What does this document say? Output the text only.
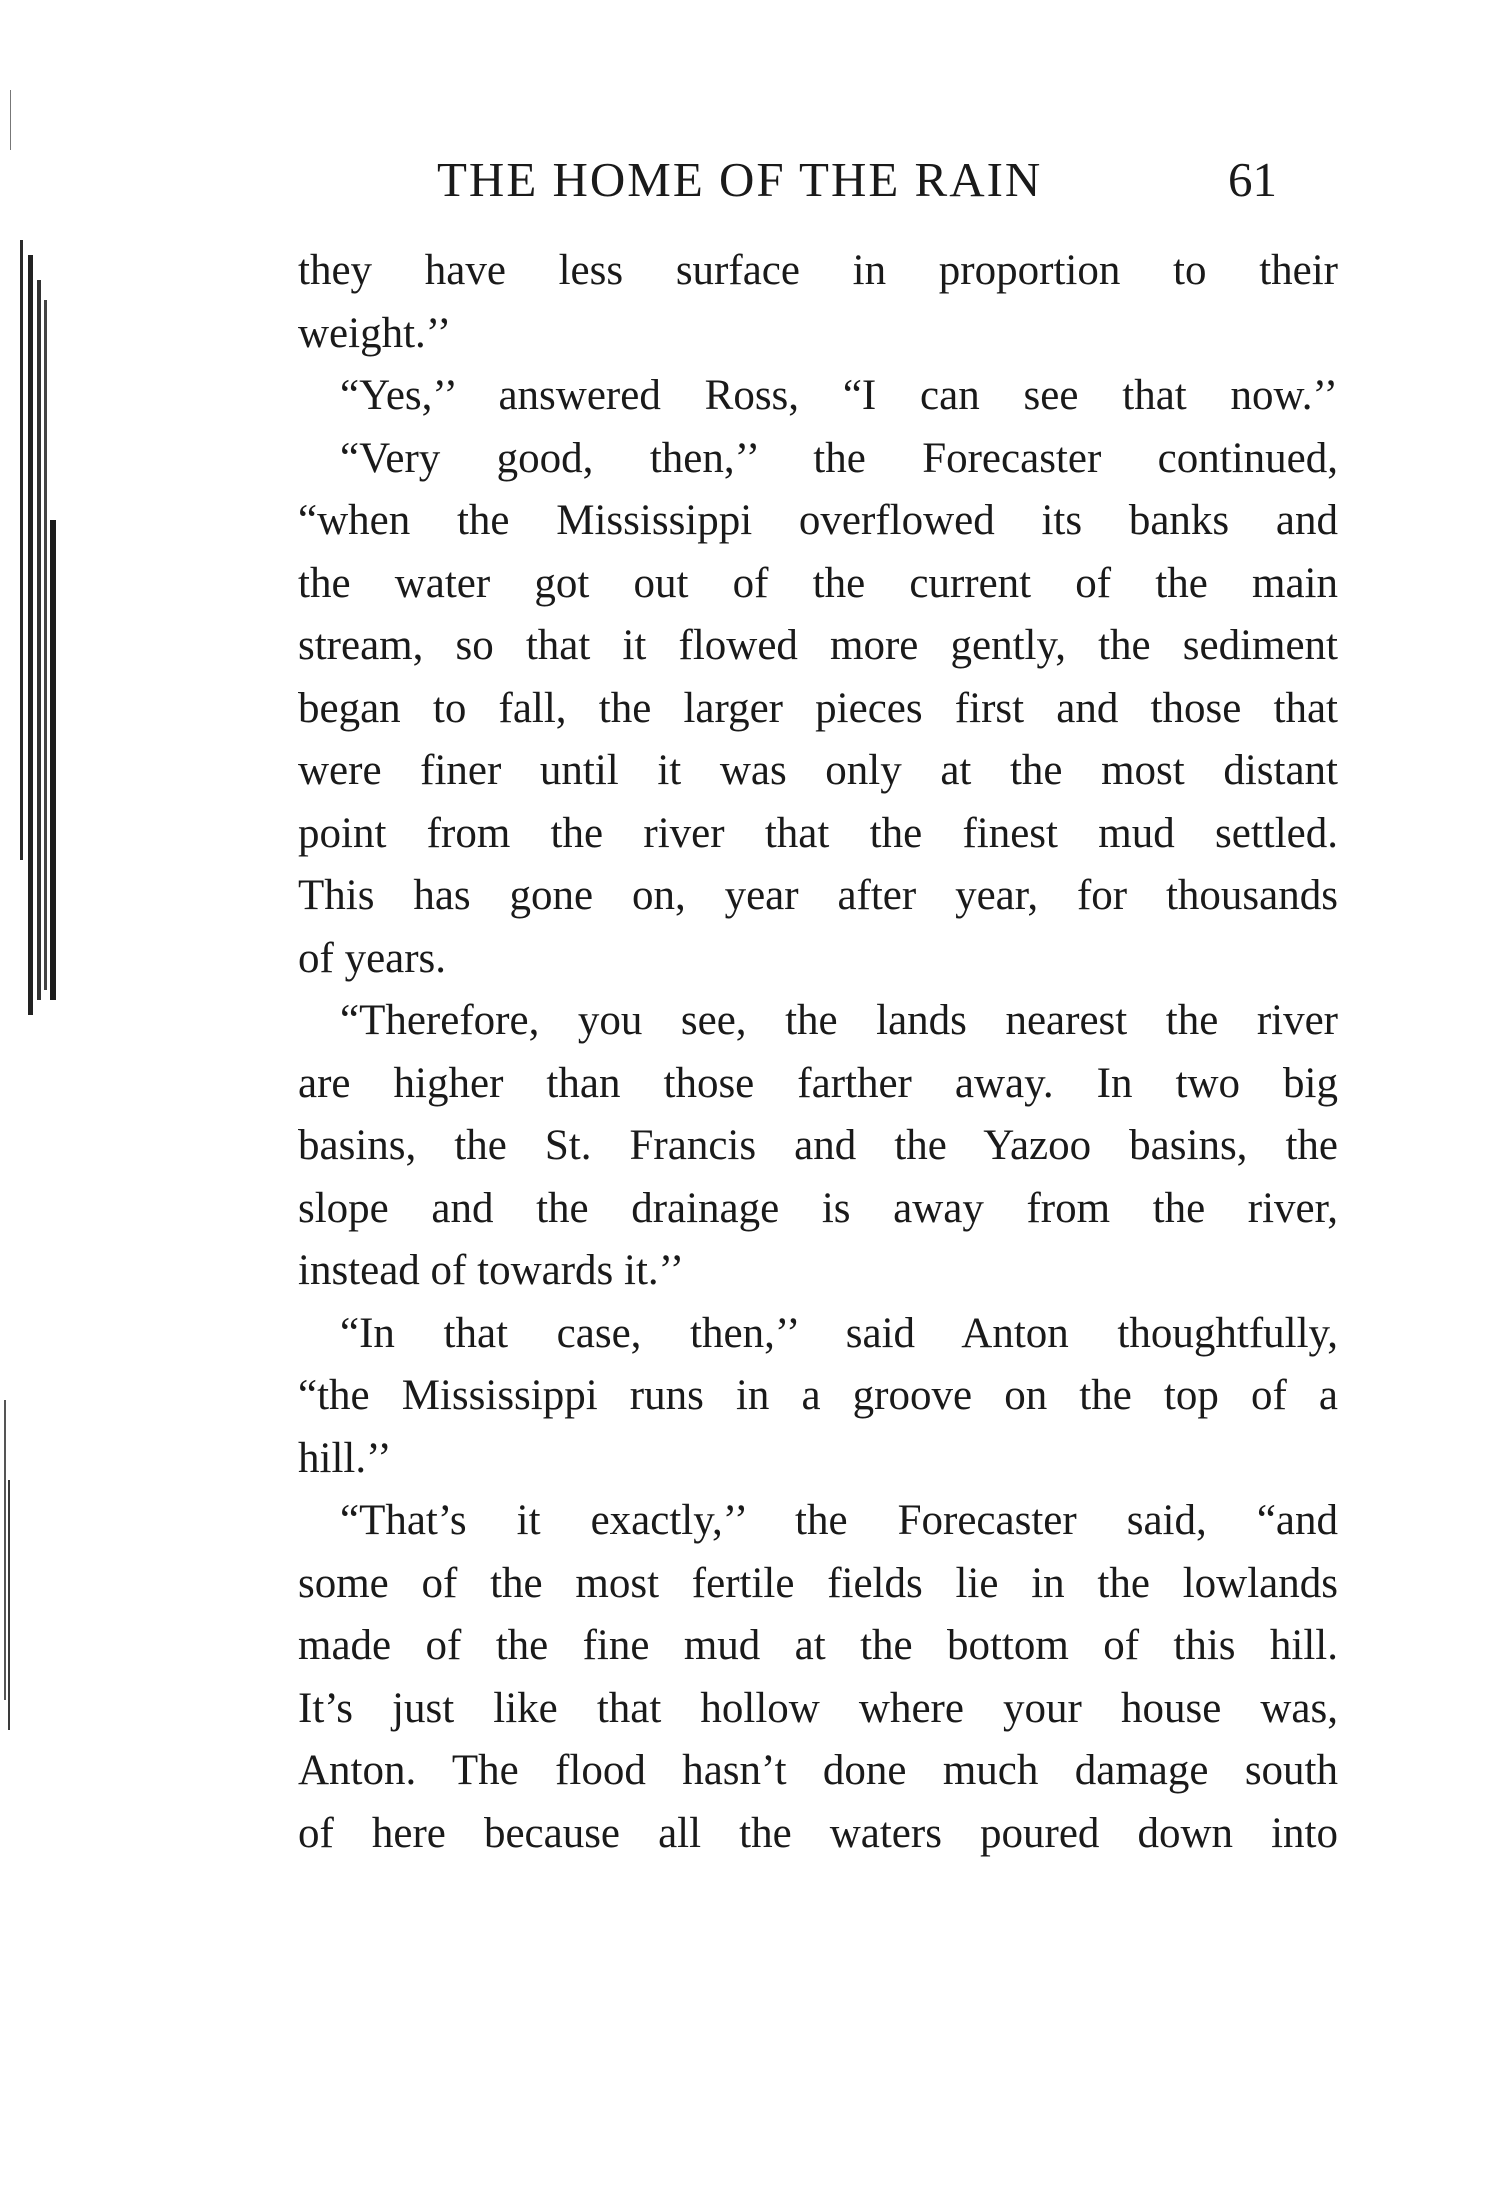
THE HOME OF THE RAIN	61
they have less surface in proportion to their
weight.’’
“Yes,’’ answered Ross, “I can see that now.’’
“Very good, then,’’ the Forecaster continued,
“when the Mississippi overflowed its banks and
the water got out of the current of the main
stream, so that it flowed more gently, the sediment
began to fall, the larger pieces first and those that
were finer until it was only at the most distant
point from the river that the finest mud settled.
This has gone on, year after year, for thousands
of years.
“Therefore, you see, the lands nearest the river
are higher than those farther away. In two big
basins, the St. Francis and the Yazoo basins, the
slope and the drainage is away from the river,
instead of towards it.’’
“In that case, then,’’ said Anton thoughtfully,
“the Mississippi runs in a groove on the top of a
hill.’’
“That’s it exactly,’’ the Forecaster said, “and
some of the most fertile fields lie in the lowlands
made of the fine mud at the bottom of this hill.
It’s just like that hollow where your house was,
Anton. The flood hasn’t done much damage south
of here because all the waters poured down into
